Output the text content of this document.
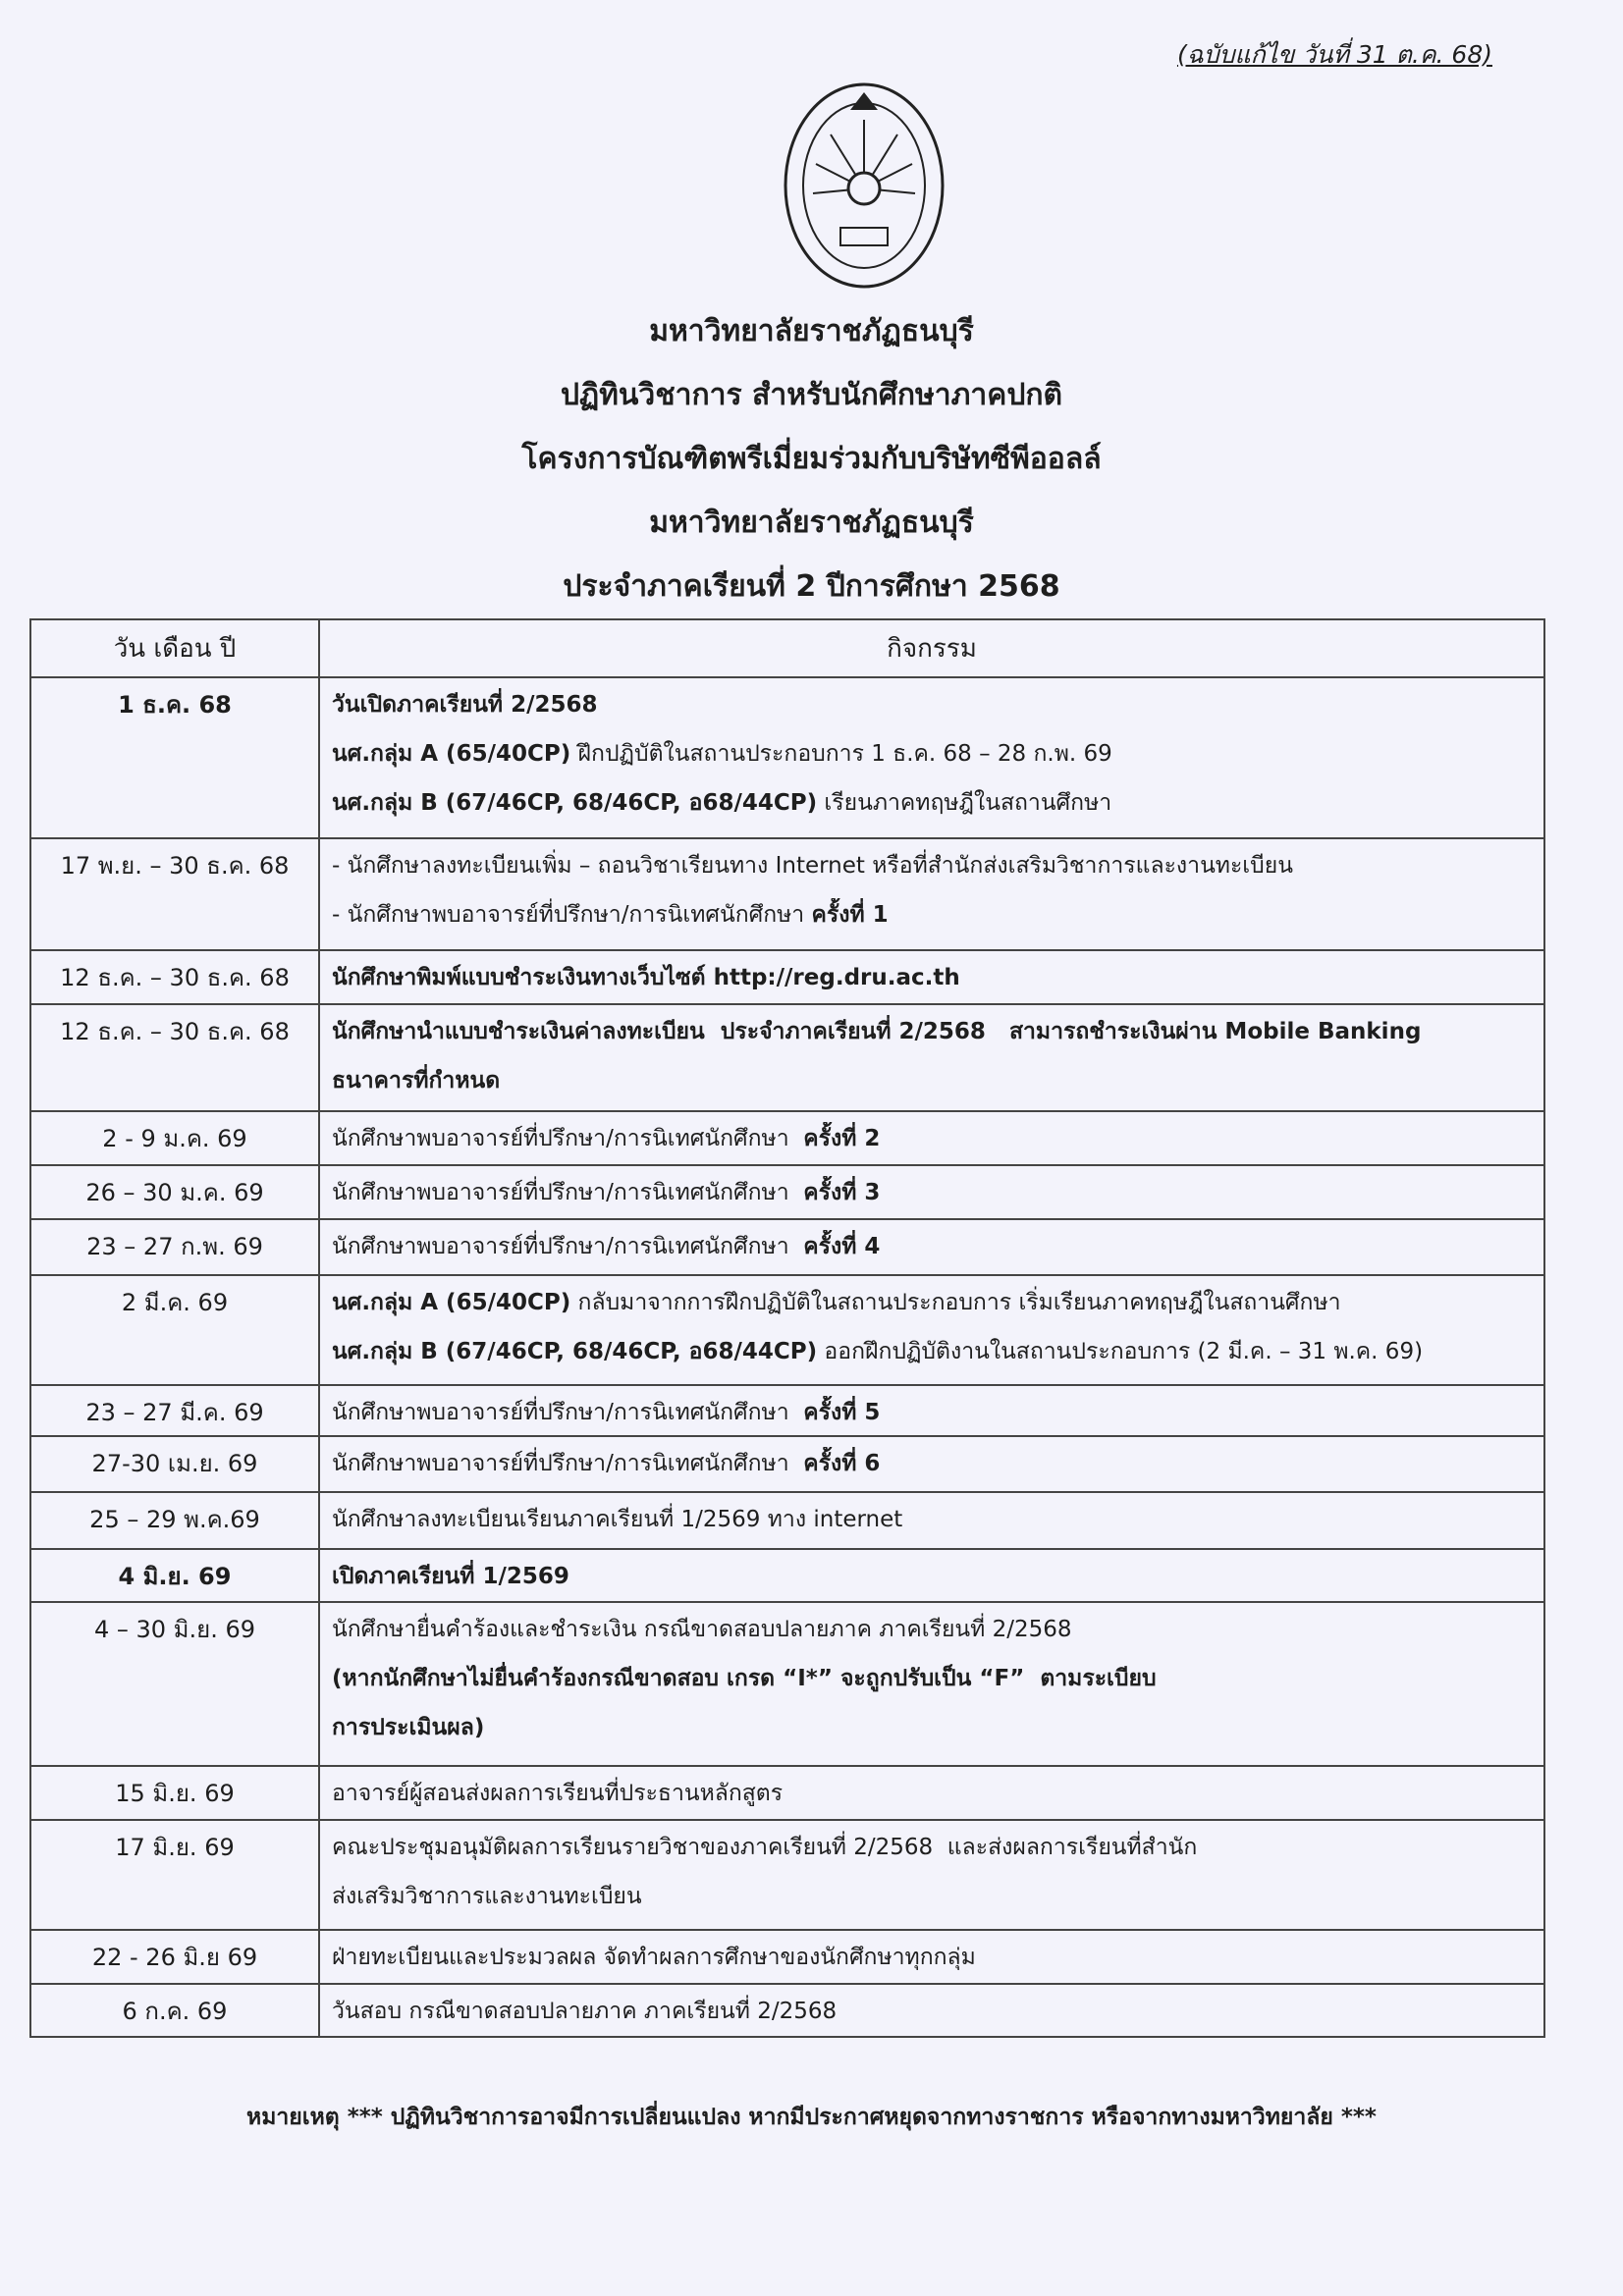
(ฉบับแก้ไข วันที่ 31 ต.ค. 68)
มหาวิทยาลัยราชภัฏธนบุรี
ปฏิทินวิชาการ สำหรับนักศึกษาภาคปกติ
โครงการบัณฑิตพรีเมี่ยมร่วมกับบริษัทซีพีออลล์
มหาวิทยาลัยราชภัฏธนบุรี
ประจำภาคเรียนที่ 2 ปีการศึกษา 2568
วัน เดือน ปี	กิจกรรม
1 ธ.ค. 68	วันเปิดภาคเรียนที่ 2/2568
นศ.กลุ่ม A (65/40CP) ฝึกปฏิบัติในสถานประกอบการ 1 ธ.ค. 68 – 28 ก.พ. 69
นศ.กลุ่ม B (67/46CP, 68/46CP, อ68/44CP) เรียนภาคทฤษฎีในสถานศึกษา

17 พ.ย. – 30 ธ.ค. 68	- นักศึกษาลงทะเบียนเพิ่ม – ถอนวิชาเรียนทาง Internet หรือที่สำนักส่งเสริมวิชาการและงานทะเบียน
- นักศึกษาพบอาจารย์ที่ปรึกษา/การนิเทศนักศึกษา ครั้งที่ 1

12 ธ.ค. – 30 ธ.ค. 68	นักศึกษาพิมพ์แบบชำระเงินทางเว็บไซต์ http://reg.dru.ac.th

12 ธ.ค. – 30 ธ.ค. 68	นักศึกษานำแบบชำระเงินค่าลงทะเบียน  ประจำภาคเรียนที่ 2/2568   สามารถชำระเงินผ่าน Mobile Banking
ธนาคารที่กำหนด

2 - 9 ม.ค. 69	นักศึกษาพบอาจารย์ที่ปรึกษา/การนิเทศนักศึกษา  ครั้งที่ 2

26 – 30 ม.ค. 69	นักศึกษาพบอาจารย์ที่ปรึกษา/การนิเทศนักศึกษา  ครั้งที่ 3

23 – 27 ก.พ. 69	นักศึกษาพบอาจารย์ที่ปรึกษา/การนิเทศนักศึกษา  ครั้งที่ 4

2 มี.ค. 69	นศ.กลุ่ม A (65/40CP) กลับมาจากการฝึกปฏิบัติในสถานประกอบการ เริ่มเรียนภาคทฤษฎีในสถานศึกษา
นศ.กลุ่ม B (67/46CP, 68/46CP, อ68/44CP) ออกฝึกปฏิบัติงานในสถานประกอบการ (2 มี.ค. – 31 พ.ค. 69)

23 – 27 มี.ค. 69	นักศึกษาพบอาจารย์ที่ปรึกษา/การนิเทศนักศึกษา  ครั้งที่ 5

27-30 เม.ย. 69	นักศึกษาพบอาจารย์ที่ปรึกษา/การนิเทศนักศึกษา  ครั้งที่ 6

25 – 29 พ.ค.69	นักศึกษาลงทะเบียนเรียนภาคเรียนที่ 1/2569 ทาง internet

4 มิ.ย. 69	เปิดภาคเรียนที่ 1/2569

4 – 30 มิ.ย. 69	นักศึกษายื่นคำร้องและชำระเงิน กรณีขาดสอบปลายภาค ภาคเรียนที่ 2/2568
(หากนักศึกษาไม่ยื่นคำร้องกรณีขาดสอบ เกรด “I*” จะถูกปรับเป็น “F”  ตามระเบียบ
การประเมินผล)

15 มิ.ย. 69	อาจารย์ผู้สอนส่งผลการเรียนที่ประธานหลักสูตร

17 มิ.ย. 69	คณะประชุมอนุมัติผลการเรียนรายวิชาของภาคเรียนที่ 2/2568  และส่งผลการเรียนที่สำนัก
ส่งเสริมวิชาการและงานทะเบียน

22 - 26 มิ.ย 69	ฝ่ายทะเบียนและประมวลผล จัดทำผลการศึกษาของนักศึกษาทุกกลุ่ม

6 ก.ค. 69	วันสอบ กรณีขาดสอบปลายภาค ภาคเรียนที่ 2/2568
หมายเหตุ *** ปฏิทินวิชาการอาจมีการเปลี่ยนแปลง หากมีประกาศหยุดจากทางราชการ หรือจากทางมหาวิทยาลัย ***
